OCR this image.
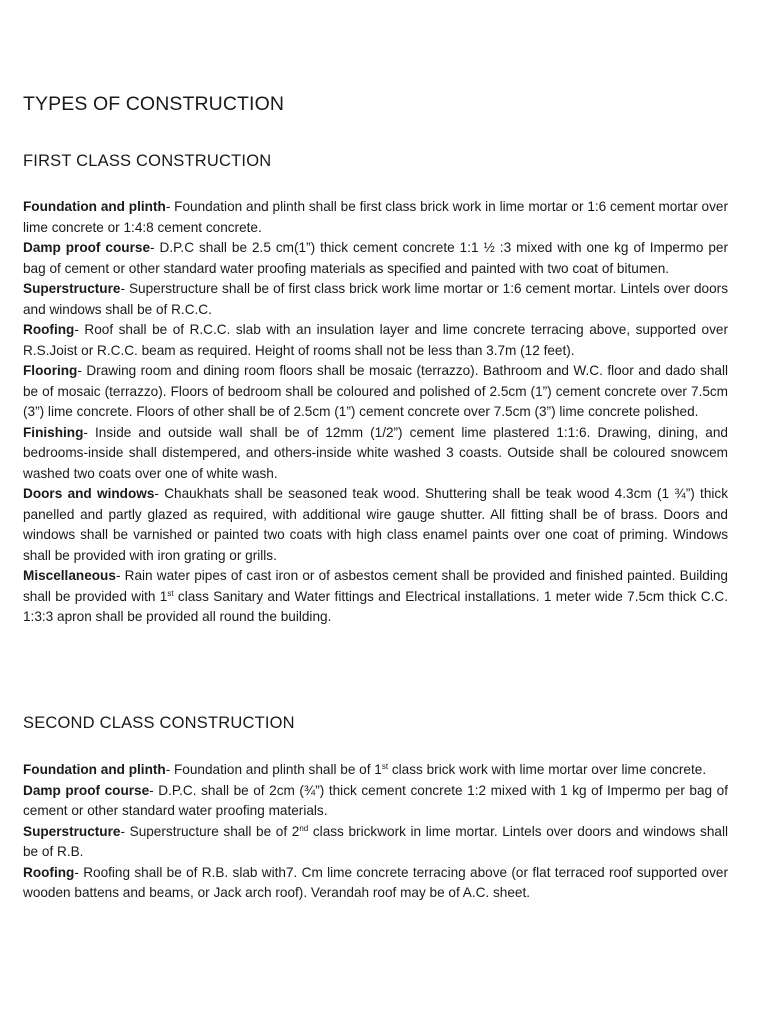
TYPES OF CONSTRUCTION
FIRST CLASS CONSTRUCTION

Foundation and plinth- Foundation and plinth shall be first class brick work in lime mortar or 1:6 cement mortar over lime concrete or 1:4:8 cement concrete.

Damp proof course- D.P.C shall be 2.5 cm(1”) thick cement concrete 1:1 ½ :3 mixed with one kg of Impermo per bag of cement or other standard water proofing materials as specified and painted with two coat of bitumen.

Superstructure- Superstructure shall be of first class brick work lime mortar or 1:6 cement mortar. Lintels over doors and windows shall be of R.C.C.

Roofing- Roof shall be of R.C.C. slab with an insulation layer and lime concrete terracing above, supported over R.S.Joist or R.C.C. beam as required. Height of rooms shall not be less than 3.7m (12 feet).

Flooring- Drawing room and dining room floors shall be mosaic (terrazzo). Bathroom and W.C. floor and dado shall be of mosaic (terrazzo). Floors of bedroom shall be coloured and polished of 2.5cm (1”) cement concrete over 7.5cm (3”) lime concrete. Floors of other shall be of 2.5cm (1”) cement concrete over 7.5cm (3”) lime concrete polished.

Finishing- Inside and outside wall shall be of 12mm (1/2”) cement lime plastered 1:1:6. Drawing, dining, and bedrooms-inside shall distempered, and others-inside white washed 3 coasts. Outside shall be coloured snowcem washed two coats over one of white wash.

Doors and windows- Chaukhats shall be seasoned teak wood. Shuttering shall be teak wood 4.3cm (1 ¾”) thick panelled and partly glazed as required, with additional wire gauge shutter. All fitting shall be of brass. Doors and windows shall be varnished or painted two coats with high class enamel paints over one coat of priming. Windows shall be provided with iron grating or grills.

Miscellaneous- Rain water pipes of cast iron or of asbestos cement shall be provided and finished painted. Building shall be provided with 1st class Sanitary and Water fittings and Electrical installations. 1 meter wide 7.5cm thick C.C. 1:3:3 apron shall be provided all round the building.

SECOND CLASS CONSTRUCTION

Foundation and plinth- Foundation and plinth shall be of 1st class brick work with lime mortar over lime concrete.

Damp proof course- D.P.C. shall be of 2cm (¾”) thick cement concrete 1:2 mixed with 1 kg of Impermo per bag of cement or other standard water proofing materials.

Superstructure- Superstructure shall be of 2nd class brickwork in lime mortar. Lintels over doors and windows shall be of R.B.

Roofing- Roofing shall be of R.B. slab with7. Cm lime concrete terracing above (or flat terraced roof supported over wooden battens and beams, or Jack arch roof). Verandah roof may be of A.C. sheet.
